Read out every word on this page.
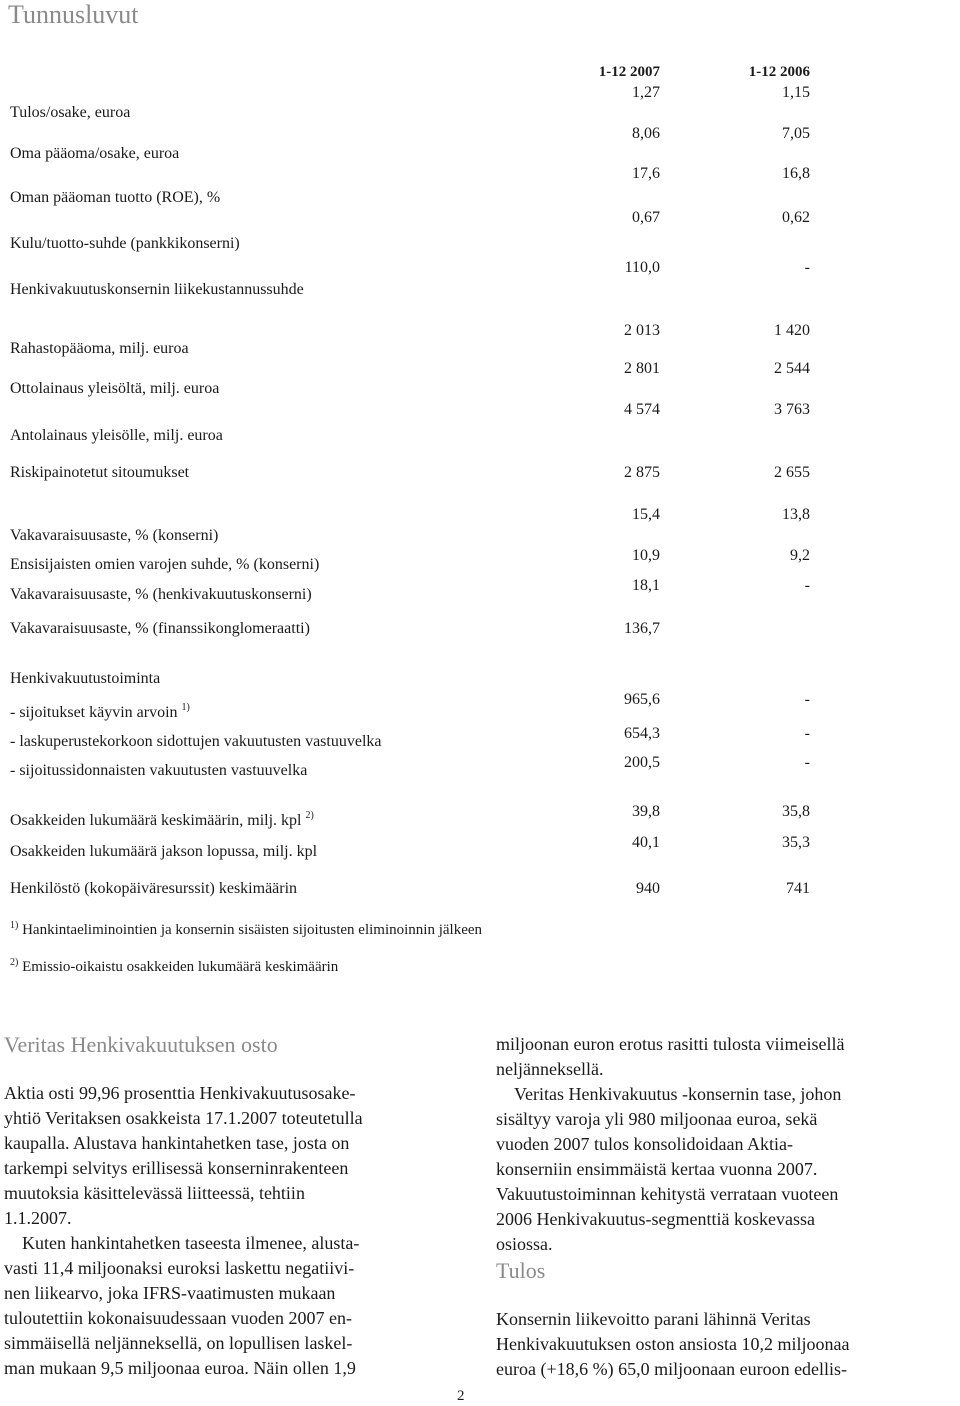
Tunnusluvut
1-12 2007	1-12 2006
Tulos/osake, euroa
Oma pääoma/osake, euroa
Oman pääoman tuotto (ROE), %
Kulu/tuotto-suhde (pankkikonserni)
Henkivakuutuskonsernin liikekustannussuhde
Rahastopääoma, milj. euroa
Ottolainaus yleisöltä, milj. euroa
Antolainaus yleisölle, milj. euroa
Riskipainotetut sitoumukset
Vakavaraisuusaste, % (konserni)
Ensisijaisten omien varojen suhde, % (konserni)
Vakavaraisuusaste, % (henkivakuutuskonserni)
Vakavaraisuusaste, % (finanssikonglomeraatti)
Henkivakuutustoiminta
- sijoitukset käyvin arvoin $^{1)}$
- laskuperustekorkoon sidottujen vakuutusten vastuuvelka
- sijoitussidonnaisten vakuutusten vastuuvelka
Osakkeiden lukumäärä keskimäärin, milj. kpl $^{2)}$
Osakkeiden lukumäärä jakson lopussa, milj. kpl
Henkilöstö (kokopäiväresurssit) keskimäärin
1,27
8,06
17,6
0,67
110,0
2 013
2 801
4 574
2 875
15,4
10,9
18,1
136,7
965,6
654,3
200,5
39,8
40,1
940
1,15
7,05
16,8
0,62
-
1 420
2 544
3 763
2 655
13,8
9,2
-
-
-
-
35,8
35,3
741
$^{1)}$ Hankintaeliminointien ja konsernin sisäisten sijoitusten eliminoinnin jälkeen
$^{2)}$ Emissio-oikaistu osakkeiden lukumäärä keskimäärin
Veritas Henkivakuutuksen osto

Aktia osti 99,96 prosenttia Henkivakuutusosake-
yhtiö Veritaksen osakkeista 17.1.2007 toteutetulla
kaupalla. Alustava hankintahetken tase, josta on
tarkempi selvitys erillisessä konserninrakenteen
muutoksia käsittelevässä liitteessä, tehtiin
1.1.2007.

Kuten hankintahetken taseesta ilmenee, alusta-
vasti 11,4 miljoonaksi euroksi laskettu negatiivi-
nen liikearvo, joka IFRS-vaatimusten mukaan
tuloutettiin kokonaisuudessaan vuoden 2007 en-
simmäisellä neljänneksellä, on lopullisen laskel-
man mukaan 9,5 miljoonaa euroa. Näin ollen 1,9

miljoonan euron erotus rasitti tulosta viimeisellä
neljänneksellä.

Veritas Henkivakuutus -konsernin tase, johon
sisältyy varoja yli 980 miljoonaa euroa, sekä
vuoden 2007 tulos konsolidoidaan Aktia-
konserniin ensimmäistä kertaa vuonna 2007.
Vakuutustoiminnan kehitystä verrataan vuoteen
2006 Henkivakuutus-segmenttiä koskevassa
osiossa.

Tulos

Konsernin liikevoitto parani lähinnä Veritas
Henkivakuutuksen oston ansiosta 10,2 miljoonaa
euroa (+18,6 %) 65,0 miljoonaan euroon edellis-

2
